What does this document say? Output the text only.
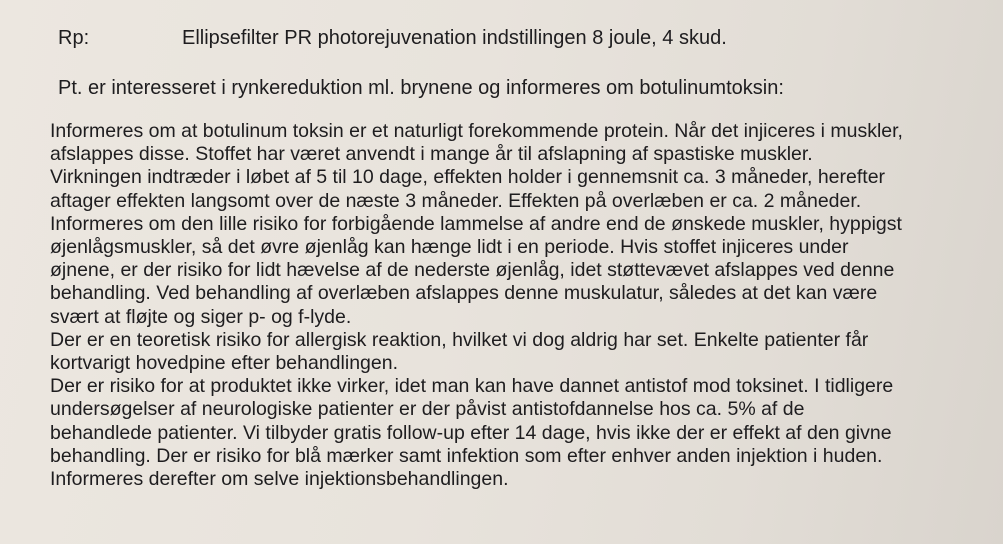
Rp:	Ellipsefilter PR photorejuvenation indstillingen 8 joule, 4 skud.
Pt. er interesseret i rynkereduktion ml. brynene og informeres om botulinumtoksin:
Informeres om at botulinum toksin er et naturligt forekommende protein. Når det injiceres i muskler,
afslappes disse. Stoffet har været anvendt i mange år til afslapning af spastiske muskler.
Virkningen indtræder i løbet af 5 til 10 dage, effekten holder i gennemsnit ca. 3 måneder, herefter
aftager effekten langsomt over de næste 3 måneder. Effekten på overlæben er ca. 2 måneder.
Informeres om den lille risiko for forbigående lammelse af andre end de ønskede muskler, hyppigst
øjenlågsmuskler, så det øvre øjenlåg kan hænge lidt i en periode. Hvis stoffet injiceres under
øjnene, er der risiko for lidt hævelse af de nederste øjenlåg, idet støttevævet afslappes ved denne
behandling. Ved behandling af overlæben afslappes denne muskulatur, således at det kan være
svært at fløjte og siger p- og f-lyde.
Der er en teoretisk risiko for allergisk reaktion, hvilket vi dog aldrig har set. Enkelte patienter får
kortvarigt hovedpine efter behandlingen.
Der er risiko for at produktet ikke virker, idet man kan have dannet antistof mod toksinet. I tidligere
undersøgelser af neurologiske patienter er der påvist antistofdannelse hos ca. 5% af de
behandlede patienter. Vi tilbyder gratis follow-up efter 14 dage, hvis ikke der er effekt af den givne
behandling. Der er risiko for blå mærker samt infektion som efter enhver anden injektion i huden.
Informeres derefter om selve injektionsbehandlingen.
